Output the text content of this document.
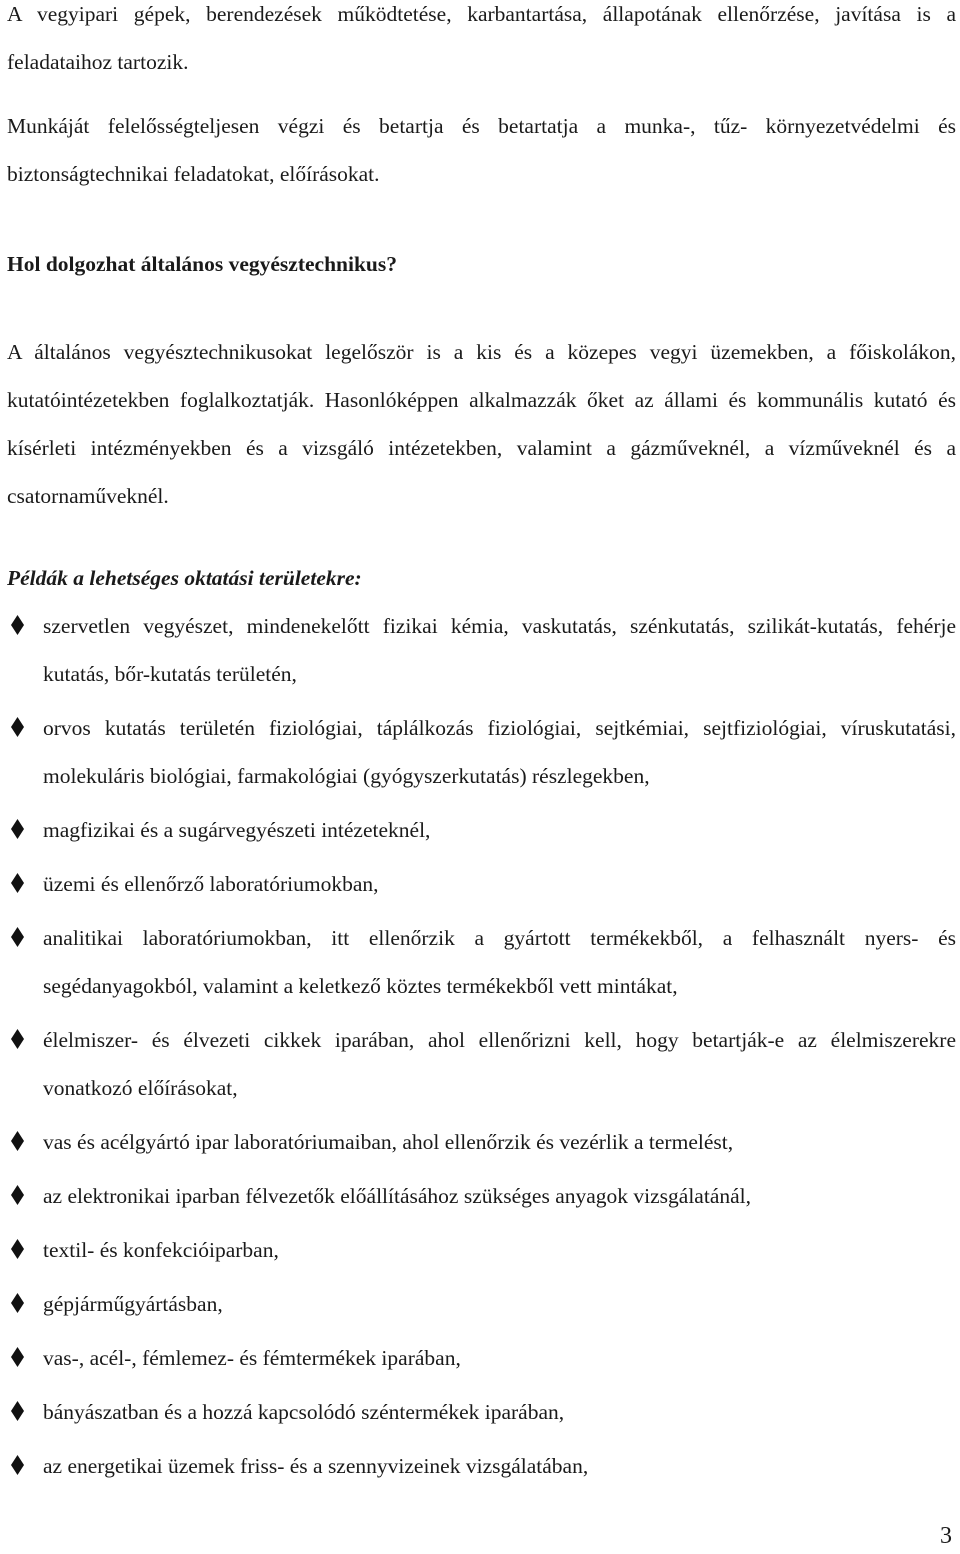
A vegyipari gépek, berendezések működtetése, karbantartása, állapotának ellenőrzése, javítása is a feladataihoz tartozik.

Munkáját felelősségteljesen végzi és betartja és betartatja a munka-, tűz- környezetvédelmi és biztonságtechnikai feladatokat, előírásokat.

Hol dolgozhat általános vegyésztechnikus?

A általános vegyésztechnikusokat legelőször is a kis és a közepes vegyi üzemekben, a főiskolákon, kutatóintézetekben foglalkoztatják. Hasonlóképpen alkalmazzák őket az állami és kommunális kutató és kísérleti intézményekben és a vizsgáló intézetekben, valamint a gázműveknél, a vízműveknél és a csatornaműveknél.

Példák a lehetséges oktatási területekre:

szervetlen vegyészet, mindenekelőtt fizikai kémia, vaskutatás, szénkutatás, szilikát-kutatás, fehérje kutatás, bőr-kutatás területén,

orvos kutatás területén fiziológiai, táplálkozás fiziológiai, sejtkémiai, sejtfiziológiai, víruskutatási, molekuláris biológiai, farmakológiai (gyógyszerkutatás) részlegekben,

magfizikai és a sugárvegyészeti intézeteknél,

üzemi és ellenőrző laboratóriumokban,

analitikai laboratóriumokban, itt ellenőrzik a gyártott termékekből, a felhasznált nyers- és segédanyagokból, valamint a keletkező köztes termékekből vett mintákat,

élelmiszer- és élvezeti cikkek iparában, ahol ellenőrizni kell, hogy betartják-e az élelmiszerekre vonatkozó előírásokat,

vas és acélgyártó ipar laboratóriumaiban, ahol ellenőrzik és vezérlik a termelést,

az elektronikai iparban félvezetők előállításához szükséges anyagok vizsgálatánál,

textil- és konfekcióiparban,

gépjárműgyártásban,

vas-, acél-, fémlemez- és fémtermékek iparában,

bányászatban és a hozzá kapcsolódó széntermékek iparában,

az energetikai üzemek friss- és a szennyvizeinek vizsgálatában,

3
